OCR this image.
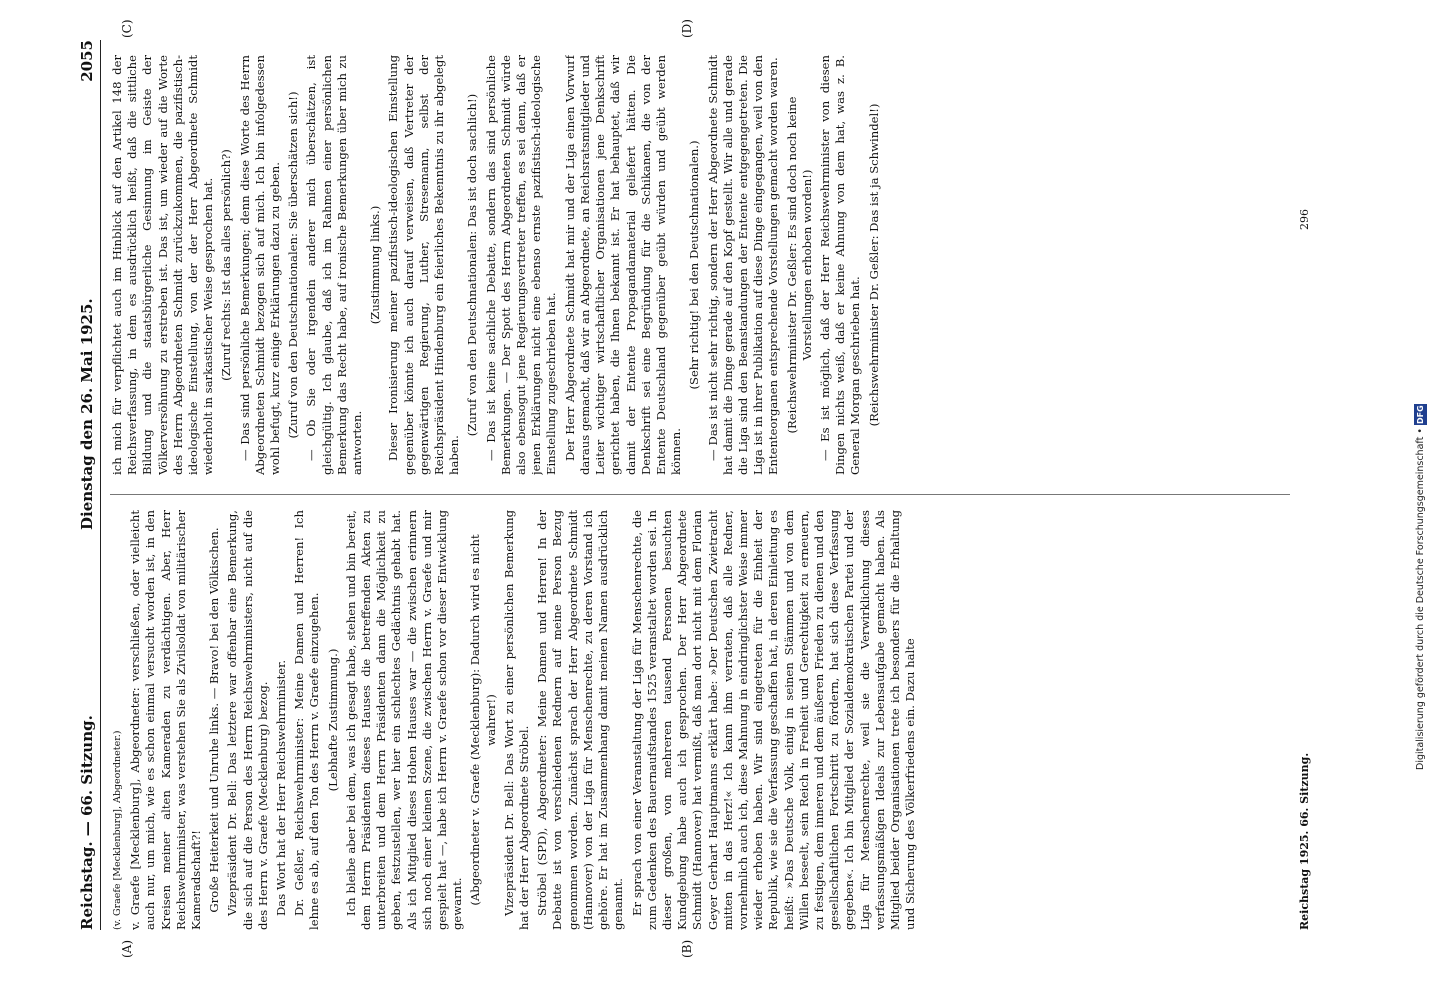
Reichstag. — 66. Sitzung.
Dienstag den 26. Mai 1925.
2055
(A)	(B)
(C)	(D)

(v. Graefe [Mecklenburg], Abgeordneter.) v. Graefe [Mecklenburg], Abgeordneter: verschließen, oder vielleicht auch nur, um mich, wie es schon einmal versucht worden ist, in den Kreisen meiner alten Kameraden zu verdächtigen. Aber, Herr Reichswehrminister, was verstehen Sie als Zivilsoldat von militärischer Kameradschaft?! Große Heiterkeit und Unruhe links. — Bravo! bei den Völkischen. Vizepräsident Dr. Bell: Das letztere war offenbar eine Bemerkung, die sich auf die Person des Herrn Reichswehrministers, nicht auf die des Herrn v. Graefe (Mecklenburg) bezog. Das Wort hat der Herr Reichswehrminister. Dr. Geßler, Reichswehrminister: Meine Damen und Herren! Ich lehne es ab, auf den Ton des Herrn v. Graefe einzugehen. (Lebhafte Zustimmung.) Ich bleibe aber bei dem, was ich gesagt habe, stehen und bin bereit, dem Herrn Präsidenten dieses Hauses die betreffenden Akten zu unterbreiten und dem Herrn Präsidenten dann die Möglichkeit zu geben, festzustellen, wer hier ein schlechtes Gedächtnis gehabt hat. Als ich Mitglied dieses Hohen Hauses war — die zwischen erinnern sich noch einer kleinen Szene, die zwischen Herrn v. Graefe und mir gespielt hat —, habe ich Herrn v. Graefe schon vor dieser Entwicklung gewarnt. (Abgeordneter v. Graefe (Mecklenburg): Dadurch wird es nicht wahrer!) Vizepräsident Dr. Bell: Das Wort zu einer persönlichen Bemerkung hat der Herr Abgeordnete Ströbel. Ströbel (SPD), Abgeordneter: Meine Damen und Herren! In der Debatte ist von verschiedenen Rednern auf meine Person Bezug genommen worden. Zunächst sprach der Herr Abgeordnete Schmidt (Hannover) von der Liga für Menschenrechte, zu deren Vorstand ich gehöre. Er hat im Zusammenhang damit meinen Namen ausdrücklich genannt. Er sprach von einer Veranstaltung der Liga für Menschenrechte, die zum Gedenken des Bauernaufstandes 1525 veranstaltet worden sei. In dieser großen, von mehreren tausend Personen besuchten Kundgebung habe auch ich gesprochen. Der Herr Abgeordnete Schmidt (Hannover) hat vermißt, daß man dort nicht mit dem Florian Geyer Gerhart Hauptmanns erklärt habe: »Der Deutschen Zwietracht mitten in das Herz!« Ich kann ihm verraten, daß alle Redner, vornehmlich auch ich, diese Mahnung in eindringlichster Weise immer wieder erhoben haben. Wir sind eingetreten für die Einheit der Republik, wie sie die Verfassung geschaffen hat, in deren Einleitung es heißt: »Das Deutsche Volk, einig in seinen Stämmen und von dem Willen beseelt, sein Reich in Freiheit und Gerechtigkeit zu erneuern, zu festigen, dem inneren und dem äußeren Frieden zu dienen und den gesellschaftlichen Fortschritt zu fördern, hat sich diese Verfassung gegeben«. Ich bin Mitglied der Sozialdemokratischen Partei und der Liga für Menschenrechte, weil sie die Verwirklichung dieses verfassungsmäßigen Ideals zur Lebensaufgabe gemacht haben. Als Mitglied beider Organisationen trete ich besonders für die Erhaltung und Sicherung des Völkerfriedens ein. Dazu halte

ich mich für verpflichtet auch im Hinblick auf den Artikel 148 der Reichsverfassung, in dem es ausdrücklich heißt, daß die sittliche Bildung und die staatsbürgerliche Gesinnung im Geiste der Völkerversöhnung zu erstreben ist. Das ist, um wieder auf die Worte des Herrn Abgeordneten Schmidt zurückzukommen, die pazifistisch-ideologische Einstellung, von der der Herr Abgeordnete Schmidt wiederholt in sarkastischer Weise gesprochen hat. (Zuruf rechts: Ist das alles persönlich?) — Das sind persönliche Bemerkungen; denn diese Worte des Herrn Abgeordneten Schmidt bezogen sich auf mich. Ich bin infolgedessen wohl befugt, kurz einige Erklärungen dazu zu geben. (Zuruf von den Deutschnationalen: Sie überschätzen sich!) — Ob Sie oder irgendein anderer mich überschätzen, ist gleichgültig. Ich glaube, daß ich im Rahmen einer persönlichen Bemerkung das Recht habe, auf ironische Bemerkungen über mich zu antworten.

(Zustimmung links.) Dieser Ironisierung meiner pazifistisch-ideologischen Einstellung gegenüber könnte ich auch darauf verweisen, daß Vertreter der gegenwärtigen Regierung, Luther, Stresemann, selbst der Reichspräsident Hindenburg ein feierliches Bekenntnis zu ihr abgelegt haben.

(Zuruf von den Deutschnationalen: Das ist doch sachlich!) — Das ist keine sachliche Debatte, sondern das sind persönliche Bemerkungen. — Der Spott des Herrn Abgeordneten Schmidt würde also ebensogut jene Regierungsvertreter treffen, es sei denn, daß er jenen Erklärungen nicht eine ebenso ernste pazifistisch-ideologische Einstellung zugeschrieben hat. Der Herr Abgeordnete Schmidt hat mir und der Liga einen Vorwurf daraus gemacht, daß wir an Abgeordnete, an Reichsratsmitglieder und Leiter wichtiger wirtschaftlicher Organisationen jene Denkschrift gerichtet haben, die Ihnen bekannt ist. Er hat behauptet, daß wir damit der Entente Propagandamaterial geliefert hätten. Die Denkschrift sei eine Begründung für die Schikanen, die von der Entente Deutschland gegenüber geübt würden und geübt werden können.

(Sehr richtig! bei den Deutschnationalen.) — Das ist nicht sehr richtig, sondern der Herr Abgeordnete Schmidt hat damit die Dinge gerade auf den Kopf gestellt. Wir alle und gerade die Liga sind den Beanstandungen der Entente entgegengetreten. Die Liga ist in ihrer Publikation auf diese Dinge eingegangen, weil von den Ententeorganen entsprechende Vorstellungen gemacht worden waren. (Reichswehrminister Dr. Geßler: Es sind doch noch keine Vorstellungen erhoben worden!) — Es ist möglich, daß der Herr Reichswehrminister von diesen Dingen nichts weiß, daß er keine Ahnung von dem hat, was z. B. General Morgan geschrieben hat. (Reichswehrminister Dr. Geßler: Das ist ja Schwindel!)

Reichstag 1925. 66. Sitzung.
296
Digitalisierung gefördert durch die Deutsche Forschungsgemeinschaft • DFG
